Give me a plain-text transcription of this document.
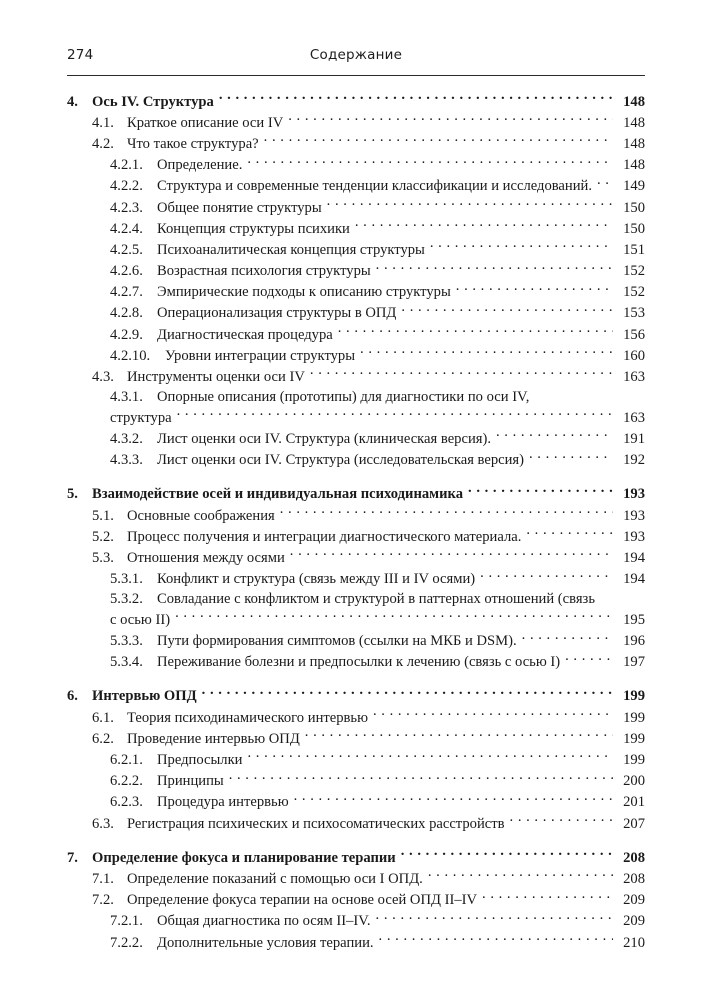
274	Содержание
4. Ось IV. Структура . . .	148
4.1. Краткое описание оси IV . . .	148
4.2. Что такое структура? . . .	148
4.2.1. Определение. . . .	148
4.2.2. Структура и современные тенденции классификации и исследований. . . .	149
4.2.3. Общее понятие структуры . . .	150
4.2.4. Концепция структуры психики . . .	150
4.2.5. Психоаналитическая концепция структуры . . .	151
4.2.6. Возрастная психология структуры . . .	152
4.2.7. Эмпирические подходы к описанию структуры . . .	152
4.2.8. Операционализация структуры в ОПД . . .	153
4.2.9. Диагностическая процедура . . .	156
4.2.10.	Уровни интеграции структуры . . .	160
4.3. Инструменты оценки оси IV . . .	163
4.3.1. Опорные описания (прототипы) для диагностики по оси IV,
структура . . .	163
4.3.2. Лист оценки оси IV. Структура (клиническая версия). . . .	191
4.3.3. Лист оценки оси IV. Структура (исследовательская версия) . . .	192
5. Взаимодействие осей и индивидуальная психодинамика . . .	193
5.1. Основные соображения . . .	193
5.2. Процесс получения и интеграции диагностического материала. . . .	193
5.3. Отношения между осями . . .	194
5.3.1. Конфликт и структура (связь между III и IV осями) . . .	194
5.3.2. Совладание с конфликтом и структурой в паттернах отношений (связь
с осью II) . . .	195
5.3.3. Пути формирования симптомов (ссылки на МКБ и DSM). . . .	196
5.3.4. Переживание болезни и предпосылки к лечению (связь с осью I) . . .	197
6. Интервью ОПД . . .	199
6.1. Теория психодинамического интервью . . .	199
6.2. Проведение интервью ОПД . . .	199
6.2.1. Предпосылки . . .	199
6.2.2. Принципы . . .	200
6.2.3. Процедура интервью . . .	201
6.3. Регистрация психических и психосоматических расстройств . . .	207
7. Определение фокуса и планирование терапии . . .	208
7.1. Определение показаний с помощью оси I ОПД. . . .	208
7.2. Определение фокуса терапии на основе осей ОПД II–IV . . .	209
7.2.1. Общая диагностика по осям II–IV. . . .	209
7.2.2. Дополнительные условия терапии. . . .	210
